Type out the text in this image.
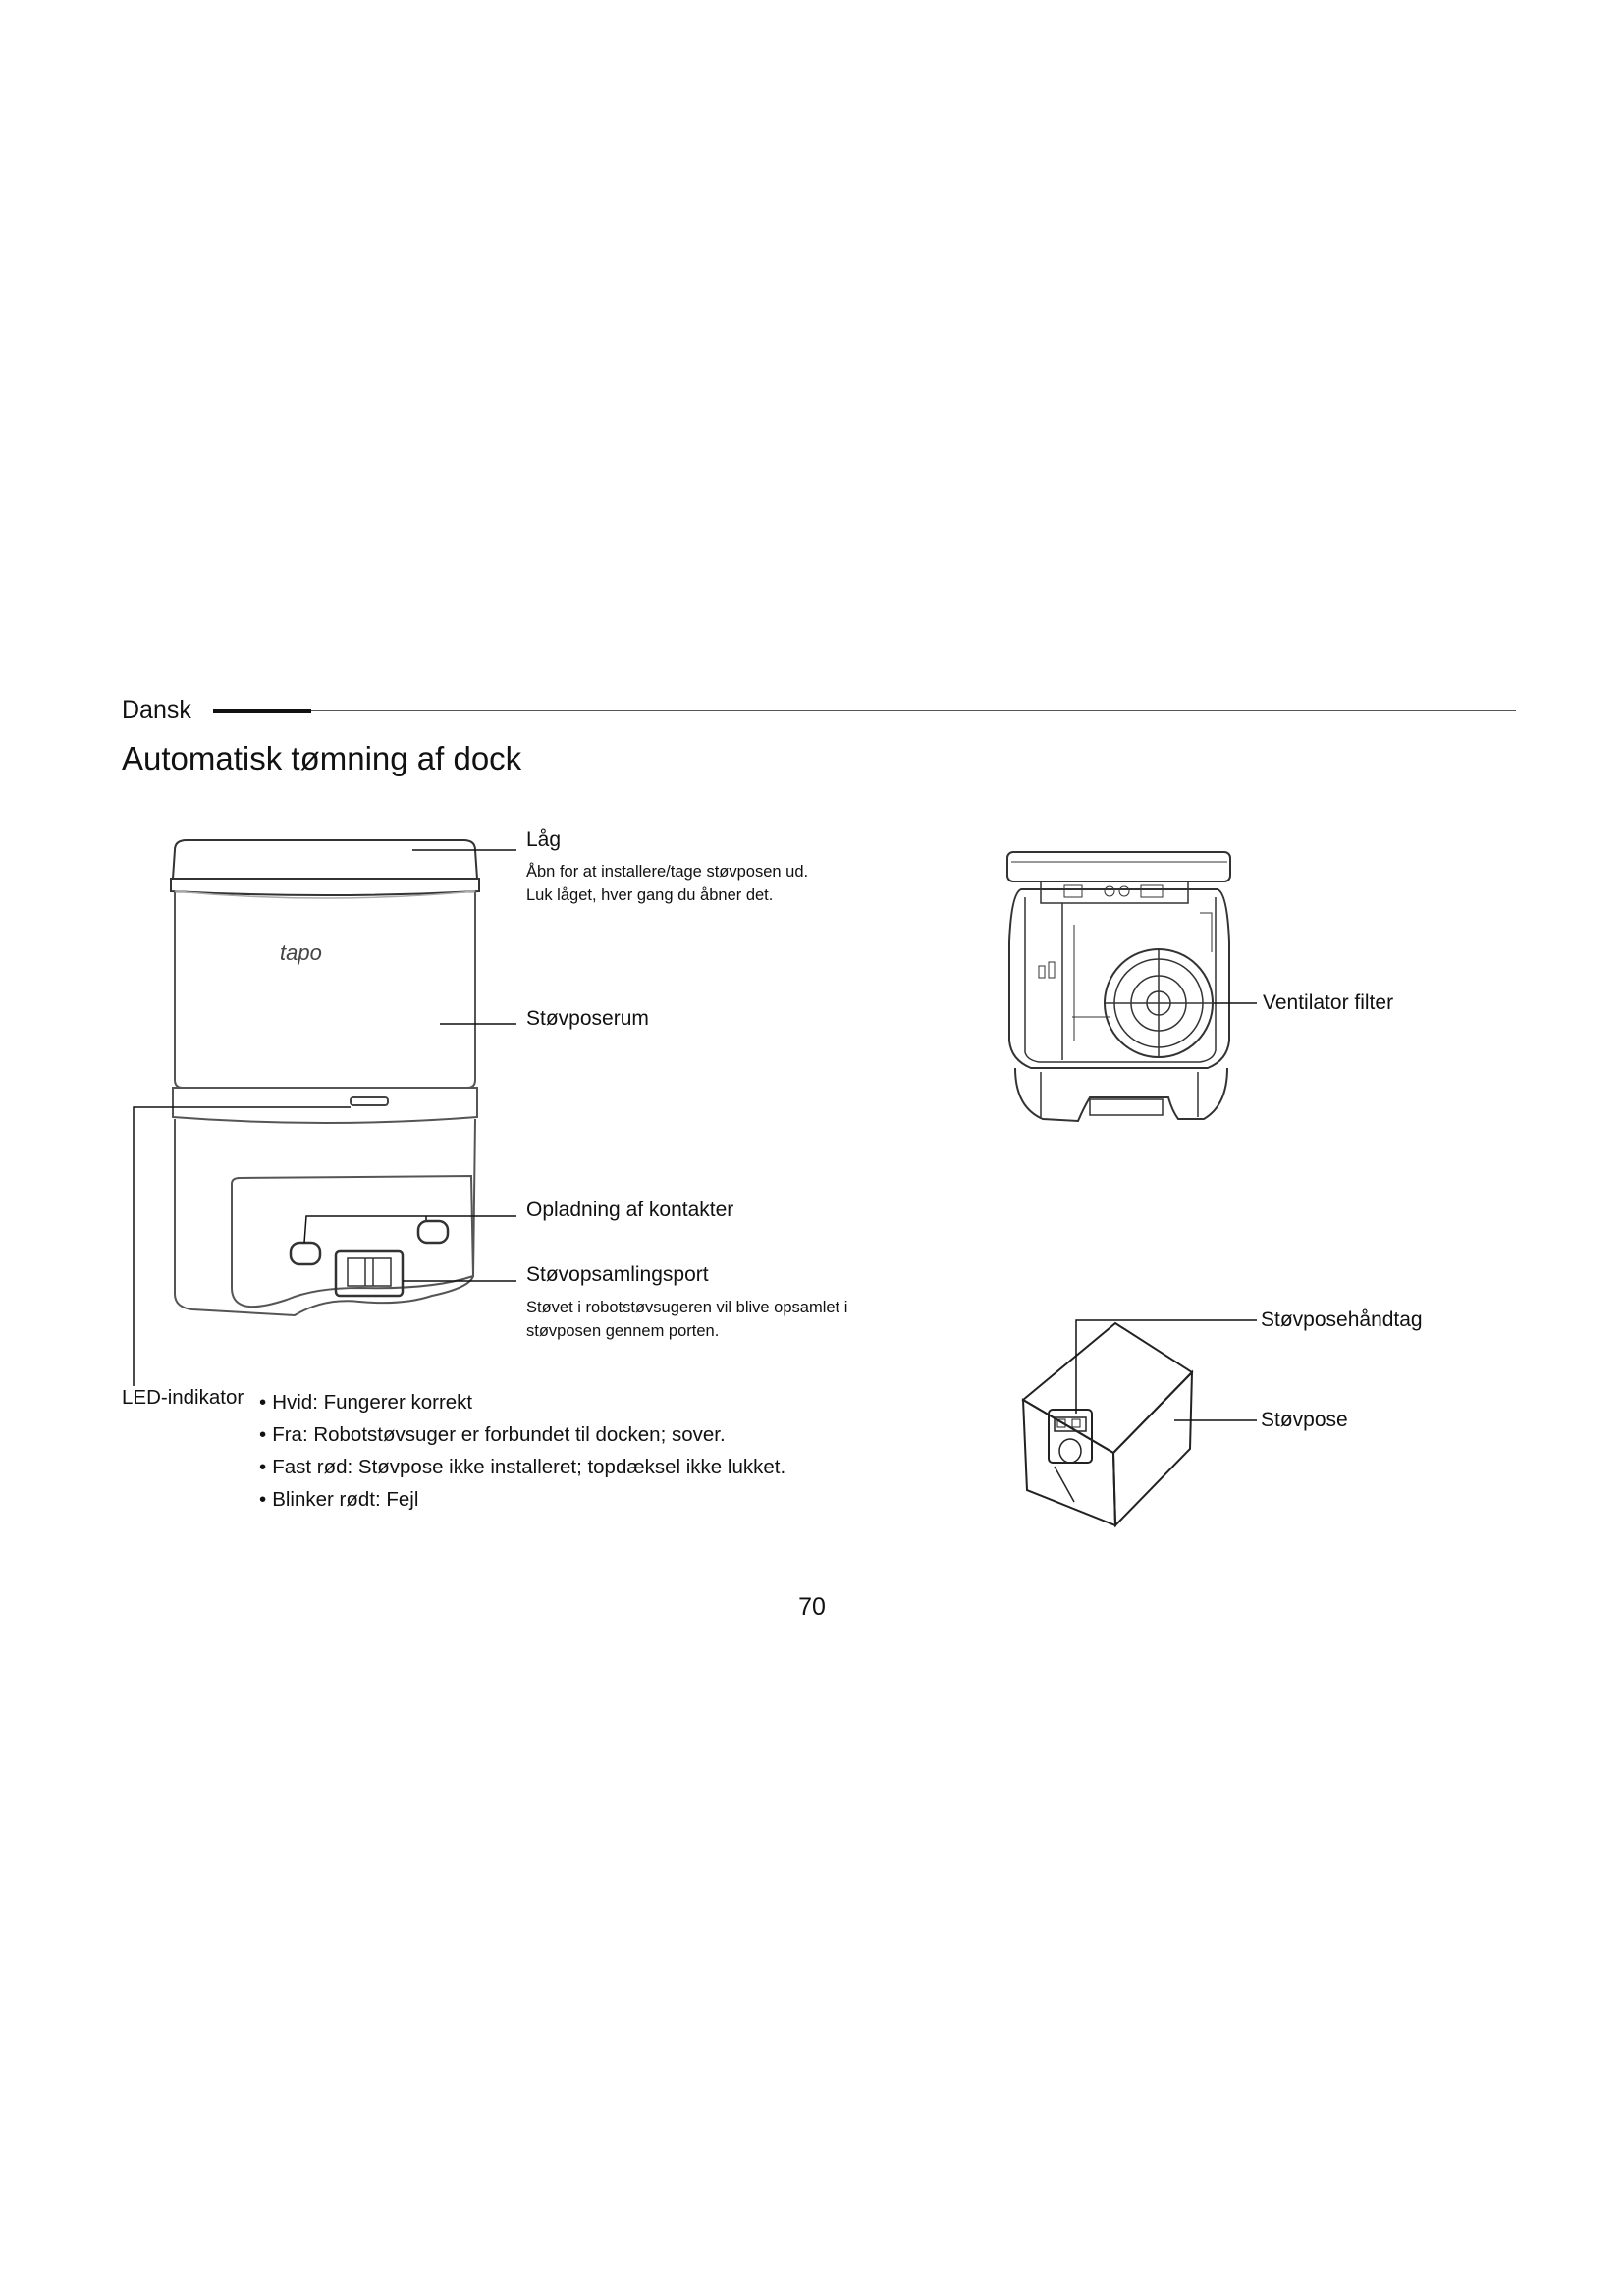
Dansk
Automatisk tømning af dock
tapo
Låg
Åbn for at installere/tage støvposen ud.
Luk låget, hver gang du åbner det.
Støvposerum
Opladning af kontakter
Støvopsamlingsport
Støvet i robotstøvsugeren vil blive opsamlet i
støvposen gennem porten.
LED-indikator
•	Hvid: Fungerer korrekt
• Fra: Robotstøvsuger er forbundet til docken; sover.
• Fast rød: Støvpose ikke installeret; topdæksel ikke lukket.
• Blinker rødt: Fejl
Ventilator filter
Støvposehåndtag
Støvpose
70
